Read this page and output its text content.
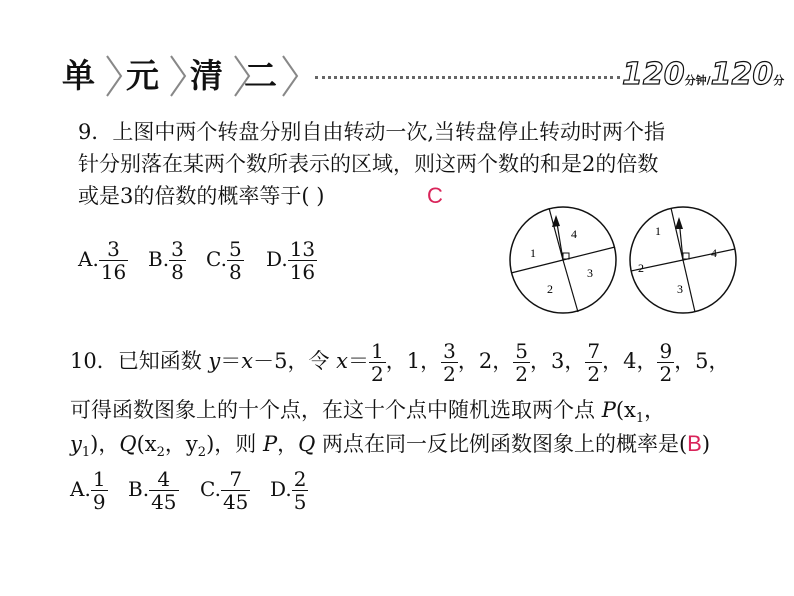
单 元 清 二	120分钟/120分
9．上图中两个转盘分别自由转动一次,当转盘停止转动时两个指
针分别落在某两个数所表示的区域，则这两个数的和是2的倍数
或是3的倍数的概率等于( )	C
A. $\frac{3}{16} B$. $\frac{3}{8} C$. $\frac{5}{8} D$. $\frac{13}{16}$	1
4
3
2
1
4
3
2
10．已知函数 y＝x－5，令 $x= \frac{1}{2}$ ，1， $\frac{3}{2}$ ，2， $\frac{5}{2}$ ，3， $\frac{7}{2}$ ，4， $\frac{9}{2}$ ，5，
可得函数图象上的十个点，在这十个点中随机选取两个点 $P(x_1$，
$y_1$)，$Q(x_2$，$y_2$)，则 P，Q 两点在同一反比例函数图象上的概率是(B)
A. $\frac{1}{9} B$. $\frac{4}{45} C$. $\frac{7}{45} D$. $\frac{2}{5}$
